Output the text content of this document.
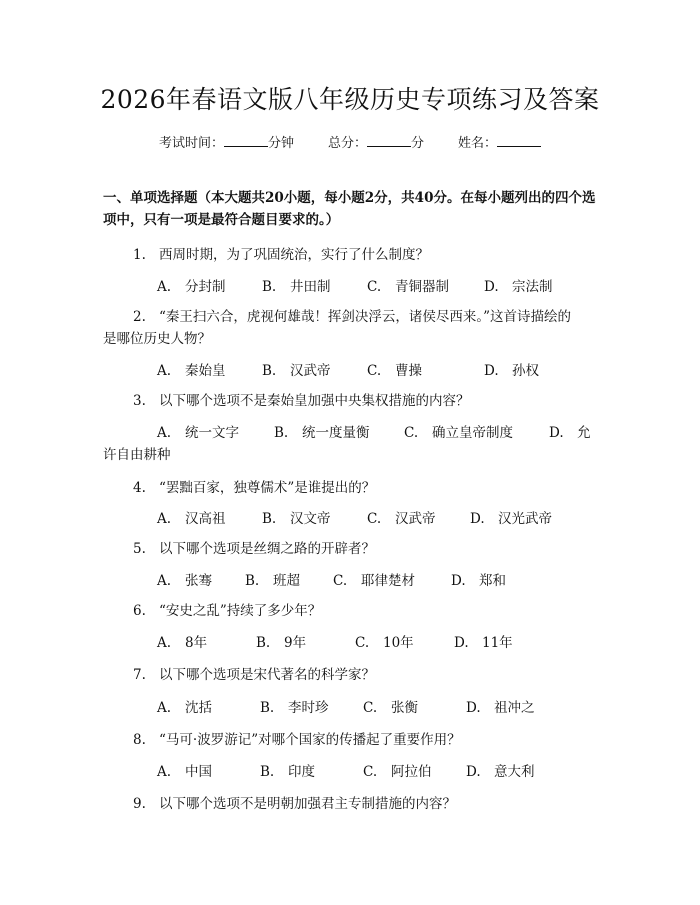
2026年春语文版八年级历史专项练习及答案
考试时间：	分钟	总分：	分	姓名：
一、单项选择题（本大题共20小题，每小题2分，共40分。在每小题列出的四个选项中，只有一项是最符合题目要求的。）
1. 西周时期，为了巩固统治，实行了什么制度？
A. 分封制	B. 井田制	C. 青铜器制	D. 宗法制
2. “秦王扫六合，虎视何雄哉！挥剑决浮云，诸侯尽西来。”这首诗描绘的
是哪位历史人物？
A. 秦始皇	B. 汉武帝	C. 曹操	D. 孙权
3. 以下哪个选项不是秦始皇加强中央集权措施的内容？
A. 统一文字	B. 统一度量衡	C. 确立皇帝制度	D. 允
许自由耕种
4. “罢黜百家，独尊儒术”是谁提出的？
A. 汉高祖	B. 汉文帝	C. 汉武帝	D. 汉光武帝
5. 以下哪个选项是丝绸之路的开辟者？
A. 张骞 B. 班超 C. 耶律楚材	D. 郑和
6. “安史之乱”持续了多少年？
A. 8年	B. 9年	C. 10年	D. 11年
7. 以下哪个选项是宋代著名的科学家？
A. 沈括	B. 李时珍	C. 张衡	D. 祖冲之
8. “马可·波罗游记”对哪个国家的传播起了重要作用？
A. 中国	B. 印度	C. 阿拉伯	D. 意大利
9. 以下哪个选项不是明朝加强君主专制措施的内容？
